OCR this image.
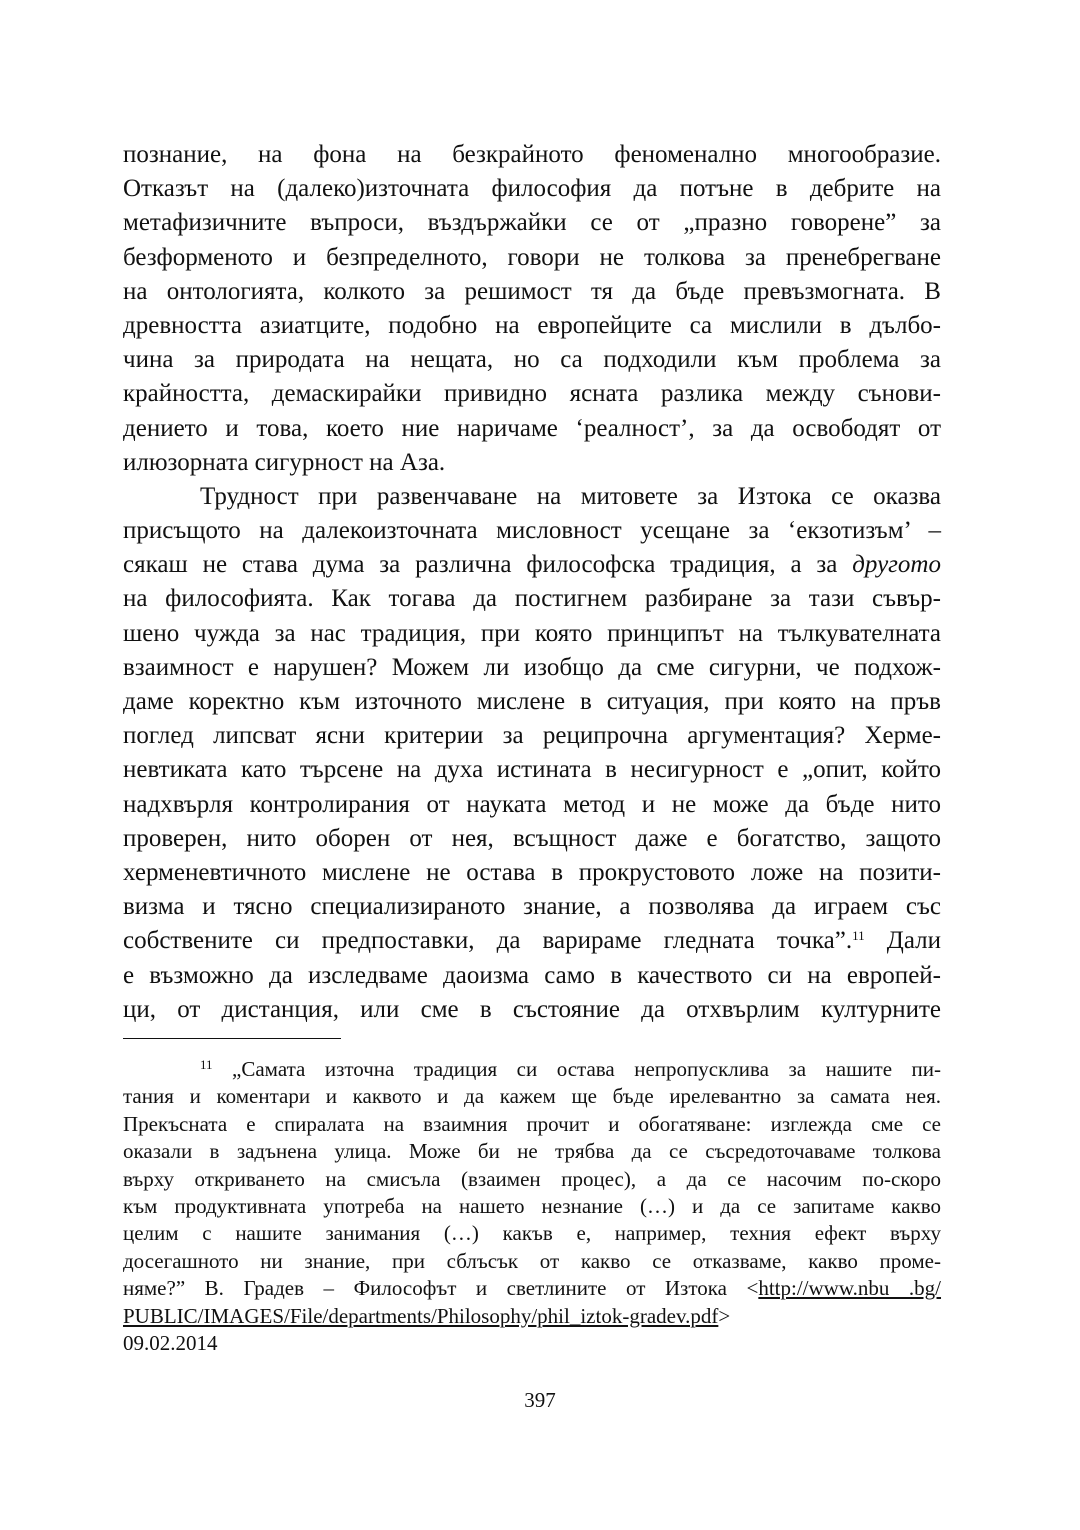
познание, на фона на безкрайното феноменално многообразие.
Отказът на (далеко)източната философия да потъне в дебрите на
метафизичните въпроси, въздържайки се от „празно говорене” за
безформеното и безпределното, говори не толкова за пренебрегване
на онтологията, колкото за решимост тя да бъде превъзмогната. В
древността азиатците, подобно на европейците са мислили в дълбо-
чина за природата на нещата, но са подходили към проблема за
крайността, демаскирайки привидно ясната разлика между сънови-
дението и това, което ние наричаме ‘реалност’, за да освободят от
илюзорната сигурност на Аза.
Трудност при развенчаване на митовете за Изтока се оказва
присъщото на далекоизточната мисловност усещане за ‘екзотизъм’ –
сякаш не става дума за различна философска традиция, а за другото
на философията. Как тогава да постигнем разбиране за тази съвър-
шено чужда за нас традиция, при която принципът на тълкувателната
взаимност е нарушен? Можем ли изобщо да сме сигурни, че подхож-
даме коректно към източното мислене в ситуация, при която на пръв
поглед липсват ясни критерии за реципрочна аргументация? Херме-
невтиката като търсене на духа истината в несигурност е „опит, който
надхвърля контролирания от науката метод и не може да бъде нито
проверен, нито оборен от нея, всъщност даже е богатство, защото
херменевтичното мислене не остава в прокрустовото ложе на позити-
визма и тясно специализираното знание, а позволява да играем със
собствените си предпоставки, да варираме гледната точка”.$^{11}$ Дали
е възможно да изследваме даоизма само в качеството си на европей-
ци, от дистанция, или сме в състояние да отхвърлим културните
$^{11}$ „Самата източна традиция си остава непропусклива за нашите пи-
тания и коментари и каквото и да кажем ще бъде ирелевантно за самата нея.
Прекъсната е спиралата на взаимния прочит и обогатяване: изглежда сме се
оказали в задънена улица. Може би не трябва да се съсредоточаваме толкова
върху откриването на смисъла (взаимен процес), а да се насочим по-скоро
към продуктивната употреба на нашето незнание (…) и да се запитаме какво
целим с нашите занимания (…) какъв е, например, техния ефект върху
досегашното ни знание, при сблъсък от какво се отказваме, какво проме-
няме?” В. Градев – Философът и светлините от Изтока <http://www.nbu .bg/
PUBLIC/IMAGES/File/departments/Philosophy/phil_iztok-gradev.pdf>
09.02.2014
397
